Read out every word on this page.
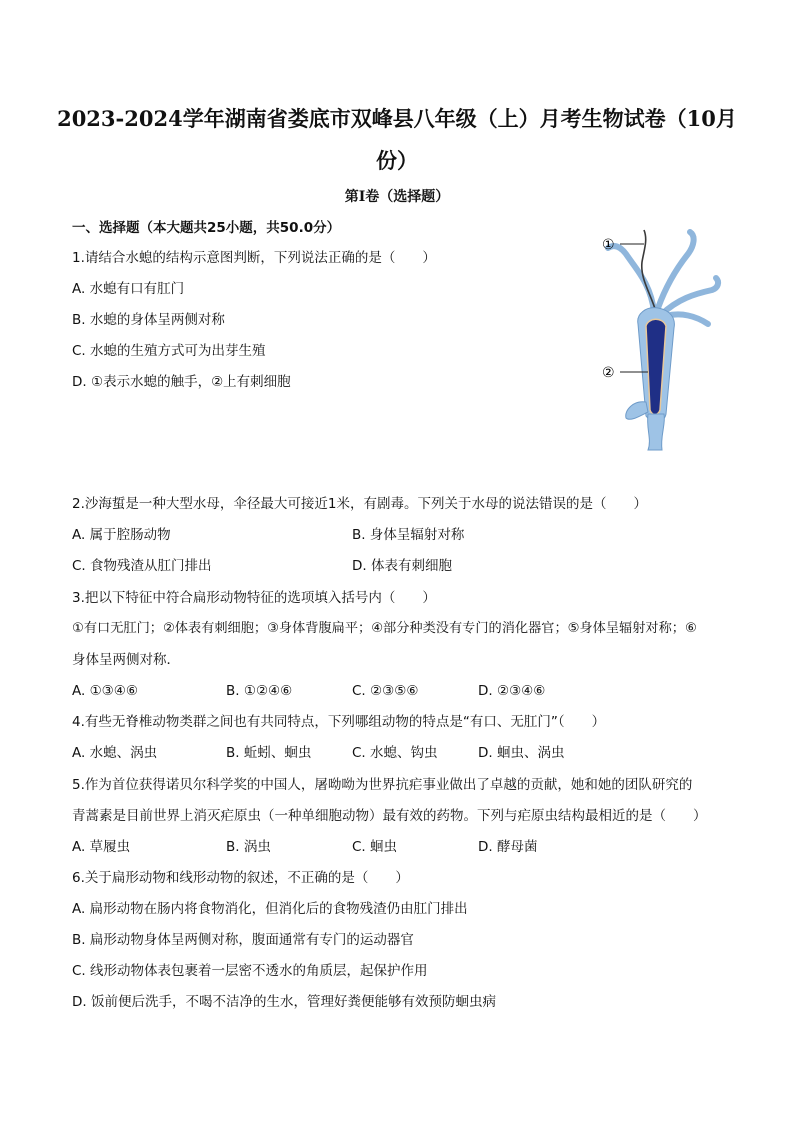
2023-2024学年湖南省娄底市双峰县八年级（上）月考生物试卷（10月份）
第I卷（选择题）
一、选择题（本大题共25小题，共50.0分）
1.请结合水螅的结构示意图判断，下列说法正确的是（　　）
A. 水螅有口有肛门
B. 水螅的身体呈两侧对称
C. 水螅的生殖方式可为出芽生殖
D. ①表示水螅的触手，②上有刺细胞
①
②
2.沙海蜇是一种大型水母，伞径最大可接近1米，有剧毒。下列关于水母的说法错误的是（　　）
A. 属于腔肠动物	B. 身体呈辐射对称
C. 食物残渣从肛门排出	D. 体表有刺细胞
3.把以下特征中符合扁形动物特征的选项填入括号内（　　）
①有口无肛门；②体表有刺细胞；③身体背腹扁平；④部分种类没有专门的消化器官；⑤身体呈辐射对称；⑥
身体呈两侧对称．
A. ①③④⑥	B. ①②④⑥	C. ②③⑤⑥	D. ②③④⑥
4.有些无脊椎动物类群之间也有共同特点，下列哪组动物的特点是“有口、无肛门”（　　）
A. 水螅、涡虫	B. 蚯蚓、蛔虫	C. 水螅、钩虫	D. 蛔虫、涡虫
5.作为首位获得诺贝尔科学奖的中国人，屠呦呦为世界抗疟事业做出了卓越的贡献，她和她的团队研究的
青蒿素是目前世界上消灭疟原虫（一种单细胞动物）最有效的药物。下列与疟原虫结构最相近的是（　　）
A. 草履虫	B. 涡虫	C. 蛔虫	D. 酵母菌
6.关于扁形动物和线形动物的叙述，不正确的是（　　）
A. 扁形动物在肠内将食物消化，但消化后的食物残渣仍由肛门排出
B. 扁形动物身体呈两侧对称，腹面通常有专门的运动器官
C. 线形动物体表包裹着一层密不透水的角质层，起保护作用
D. 饭前便后洗手，不喝不洁净的生水，管理好粪便能够有效预防蛔虫病
